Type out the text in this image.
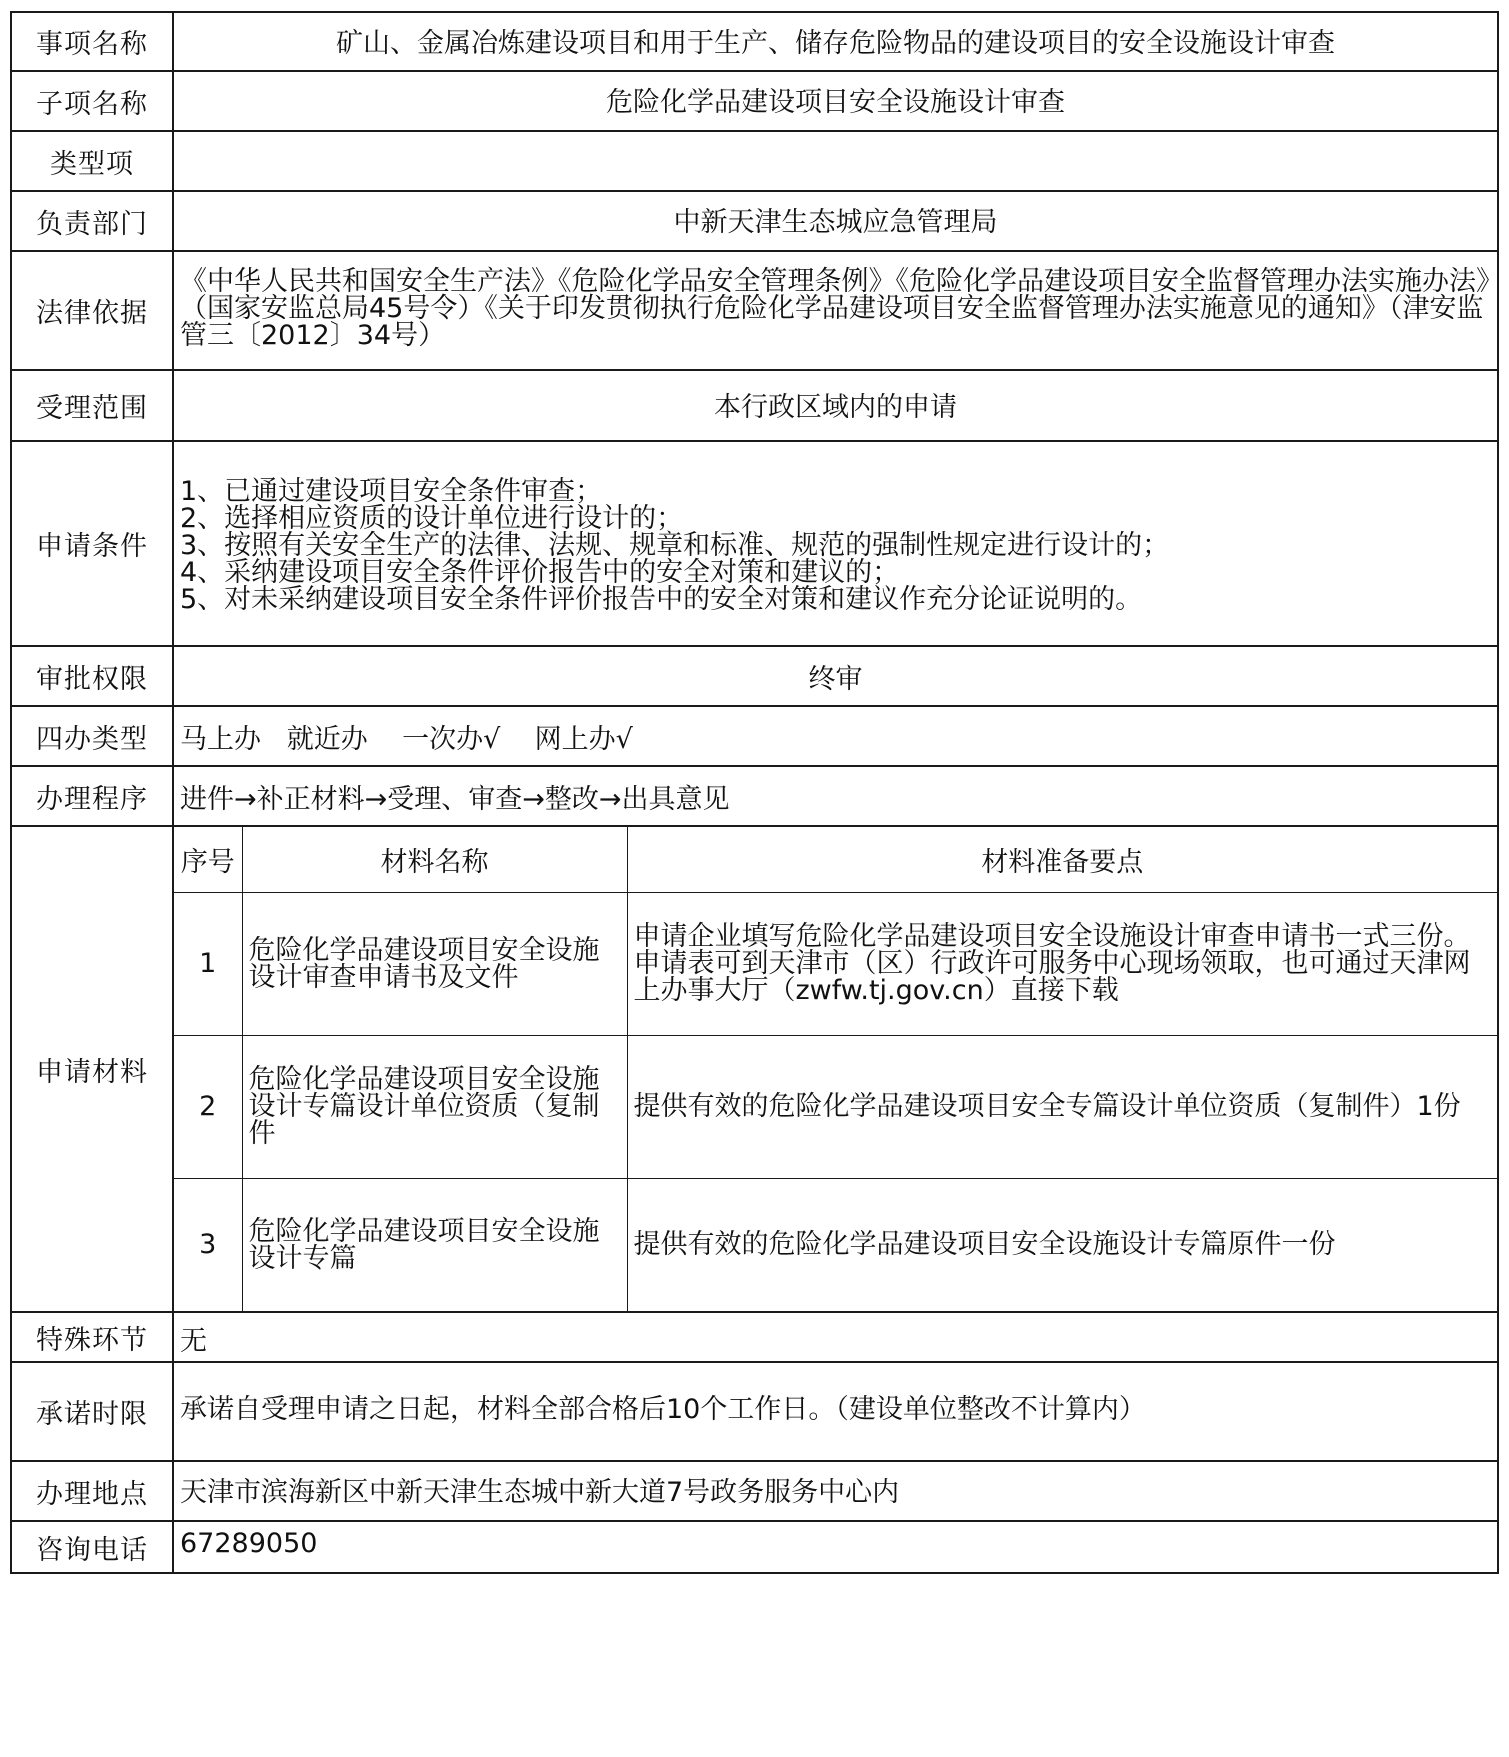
事项名称	矿山、金属冶炼建设项目和用于生产、储存危险物品的建设项目的安全设施设计审查
子项名称	危险化学品建设项目安全设施设计审查
类型项	
负责部门	中新天津生态城应急管理局
法律依据	《中华人民共和国安全生产法》《危险化学品安全管理条例》《危险化学品建设项目安全监督管理办法实施办法》（国家安监总局45号令）《关于印发贯彻执行危险化学品建设项目安全监督管理办法实施意见的通知》（津安监管三〔2012〕34号）
受理范围	本行政区域内的申请
申请条件	
1、已通过建设项目安全条件审查；
2、选择相应资质的设计单位进行设计的；
3、按照有关安全生产的法律、法规、规章和标准、规范的强制性规定进行设计的；
4、采纳建设项目安全条件评价报告中的安全对策和建议的；
5、对未采纳建设项目安全条件评价报告中的安全对策和建议作充分论证说明的。

审批权限	终审
四办类型	马上办   就近办    一次办√    网上办√
办理程序	进件→补正材料→受理、审查→整改→出具意见
申请材料	
序号	材料名称	材料准备要点
1	危险化学品建设项目安全设施设计审查申请书及文件	申请企业填写危险化学品建设项目安全设施设计审查申请书一式三份。申请表可到天津市（区）行政许可服务中心现场领取，也可通过天津网上办事大厅（zwfw.tj.gov.cn）直接下载
2	危险化学品建设项目安全设施设计专篇设计单位资质（复制件	提供有效的危险化学品建设项目安全专篇设计单位资质（复制件）1份
3	危险化学品建设项目安全设施设计专篇	提供有效的危险化学品建设项目安全设施设计专篇原件一份

特殊环节	无
承诺时限	承诺自受理申请之日起，材料全部合格后10个工作日。（建设单位整改不计算内）
办理地点	天津市滨海新区中新天津生态城中新大道7号政务服务中心内
咨询电话	67289050
